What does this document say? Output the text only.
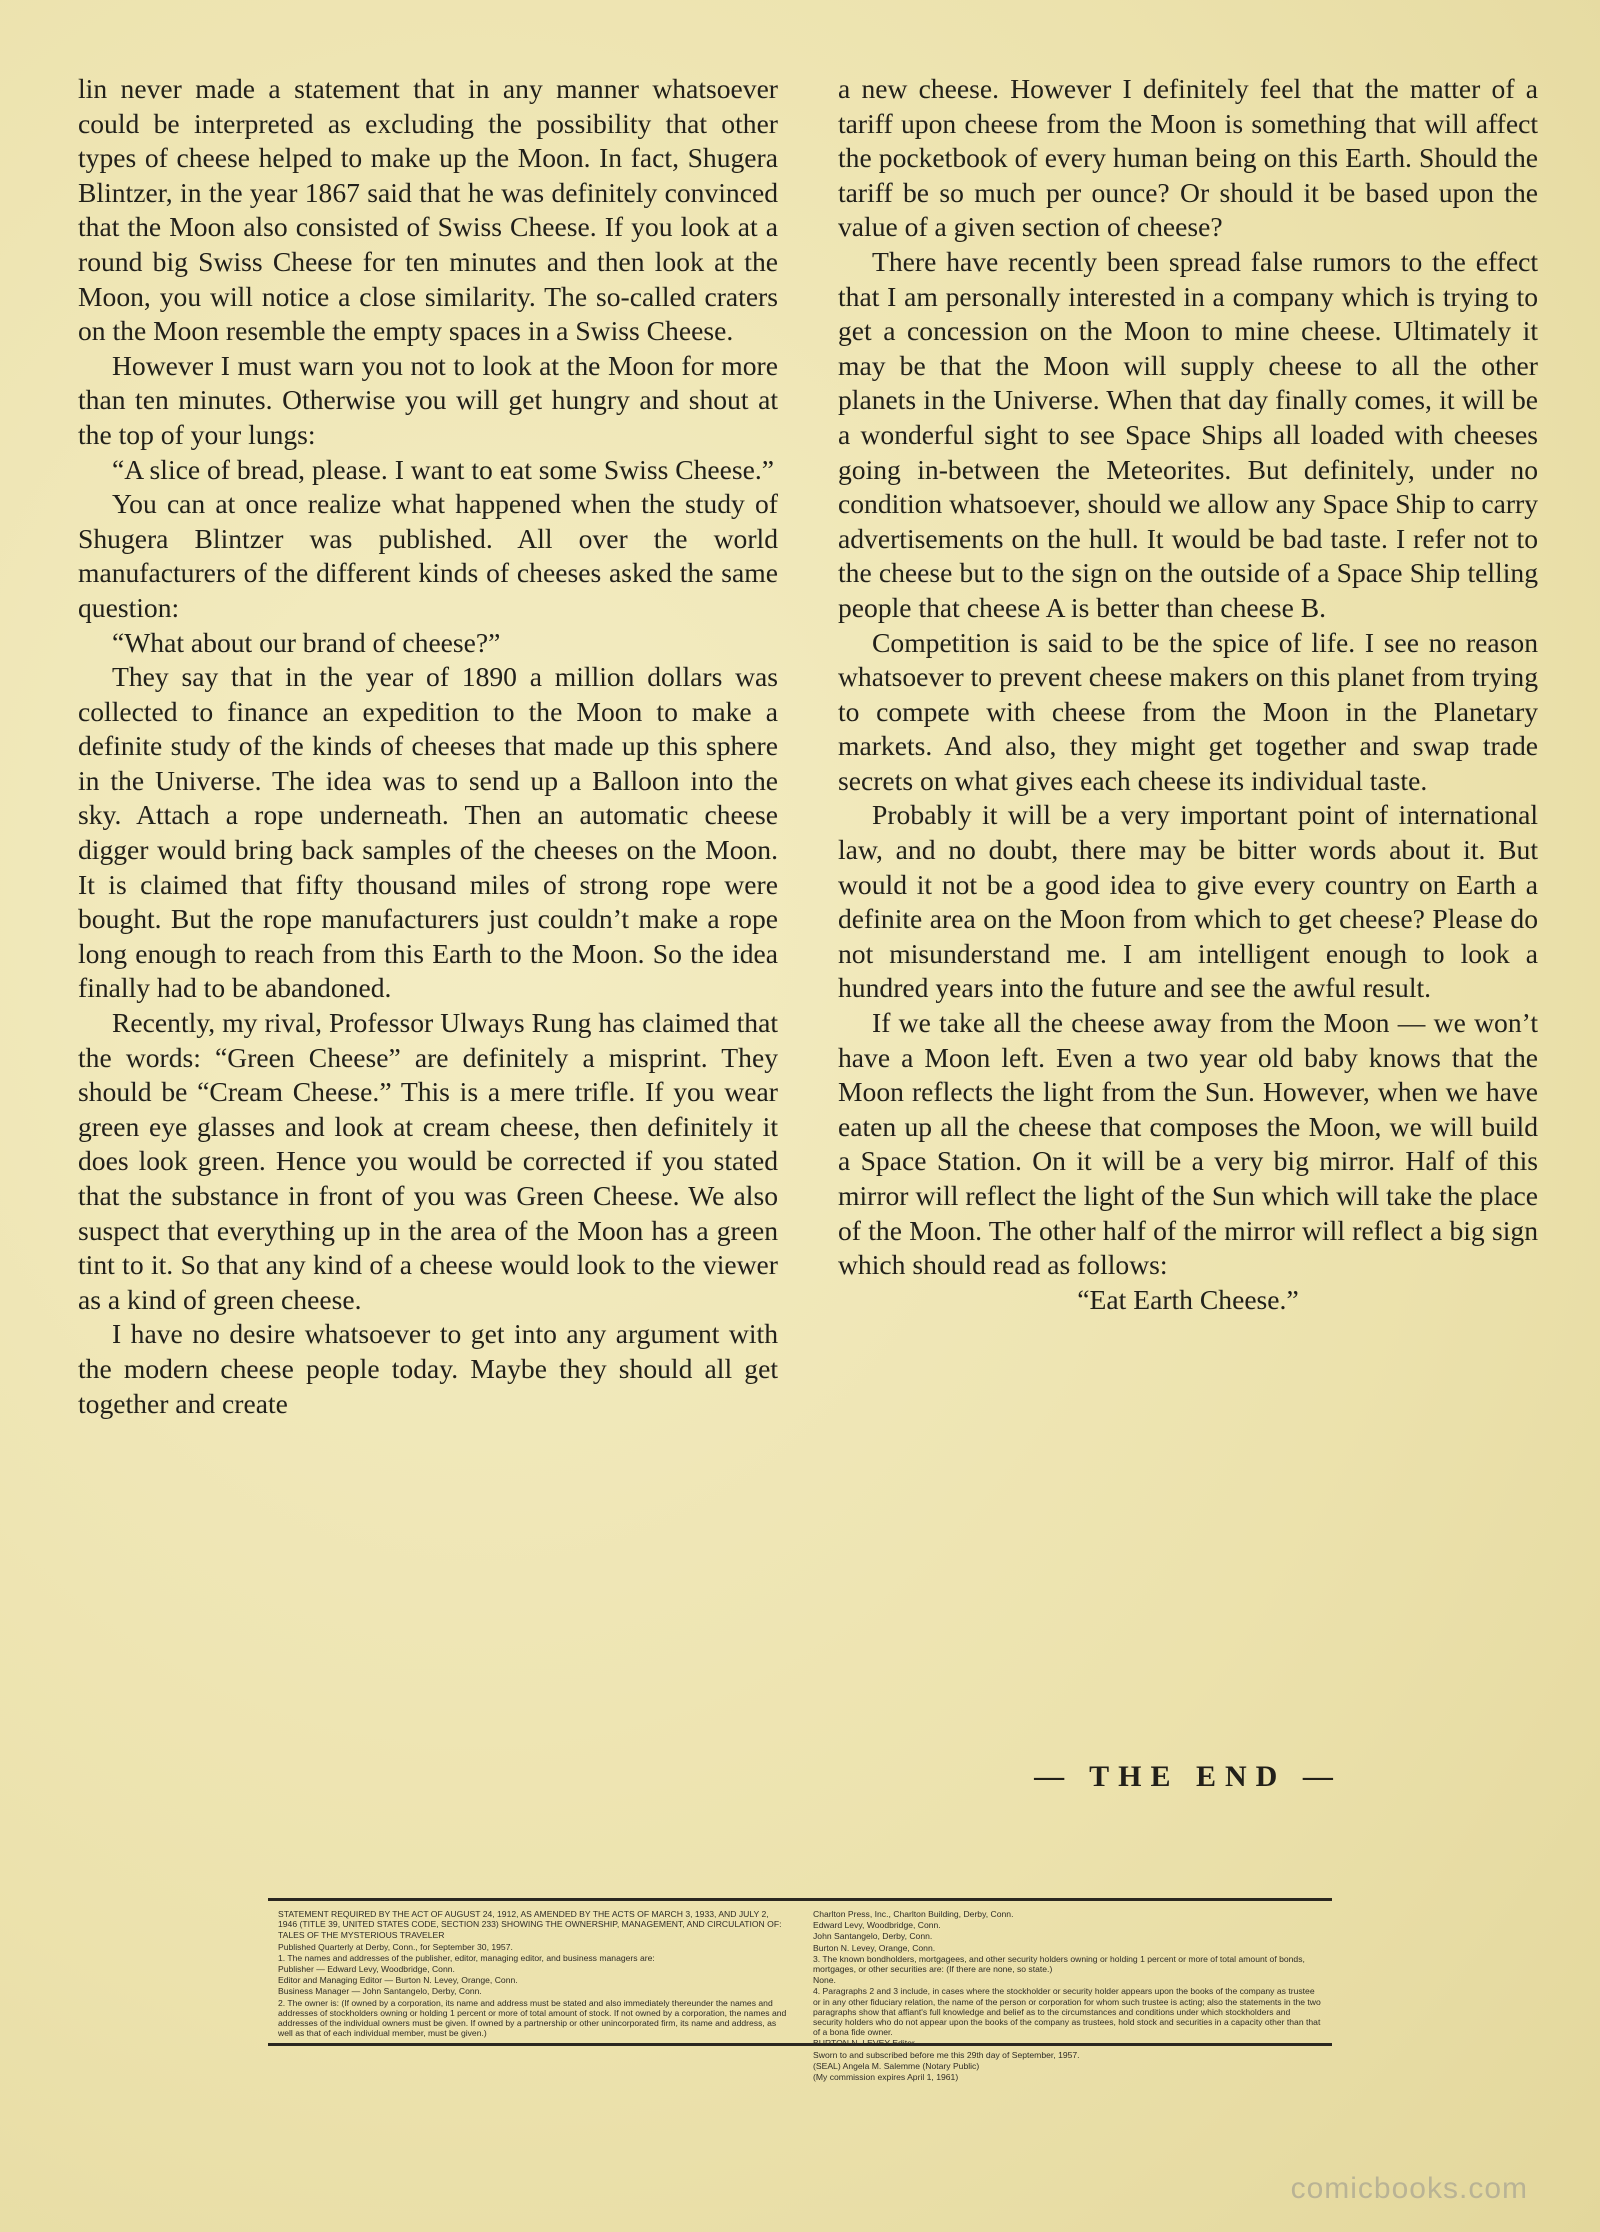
lin never made a statement that in any manner whatsoever could be interpreted as excluding the possibility that other types of cheese helped to make up the Moon. In fact, Shugera Blintzer, in the year 1867 said that he was definitely convinced that the Moon also consisted of Swiss Cheese. If you look at a round big Swiss Cheese for ten minutes and then look at the Moon, you will notice a close similarity. The so-called craters on the Moon resemble the empty spaces in a Swiss Cheese.

However I must warn you not to look at the Moon for more than ten minutes. Otherwise you will get hungry and shout at the top of your lungs:

“A slice of bread, please. I want to eat some Swiss Cheese.”

You can at once realize what happened when the study of Shugera Blintzer was published. All over the world manufacturers of the different kinds of cheeses asked the same question:

“What about our brand of cheese?”

They say that in the year of 1890 a million dollars was collected to finance an expedition to the Moon to make a definite study of the kinds of cheeses that made up this sphere in the Universe. The idea was to send up a Balloon into the sky. Attach a rope underneath. Then an automatic cheese digger would bring back samples of the cheeses on the Moon. It is claimed that fifty thousand miles of strong rope were bought. But the rope manufacturers just couldn’t make a rope long enough to reach from this Earth to the Moon. So the idea finally had to be abandoned.

Recently, my rival, Professor Ulways Rung has claimed that the words: “Green Cheese” are definitely a misprint. They should be “Cream Cheese.” This is a mere trifle. If you wear green eye glasses and look at cream cheese, then definitely it does look green. Hence you would be corrected if you stated that the substance in front of you was Green Cheese. We also suspect that everything up in the area of the Moon has a green tint to it. So that any kind of a cheese would look to the viewer as a kind of green cheese.

I have no desire whatsoever to get into any argument with the modern cheese people today. Maybe they should all get together and create

a new cheese. However I definitely feel that the matter of a tariff upon cheese from the Moon is something that will affect the pocketbook of every human being on this Earth. Should the tariff be so much per ounce? Or should it be based upon the value of a given section of cheese?

There have recently been spread false rumors to the effect that I am personally interested in a company which is trying to get a concession on the Moon to mine cheese. Ultimately it may be that the Moon will supply cheese to all the other planets in the Universe. When that day finally comes, it will be a wonderful sight to see Space Ships all loaded with cheeses going in-between the Meteorites. But definitely, under no condition whatsoever, should we allow any Space Ship to carry advertisements on the hull. It would be bad taste. I refer not to the cheese but to the sign on the outside of a Space Ship telling people that cheese A is better than cheese B.

Competition is said to be the spice of life. I see no reason whatsoever to prevent cheese makers on this planet from trying to compete with cheese from the Moon in the Planetary markets. And also, they might get together and swap trade secrets on what gives each cheese its individual taste.

Probably it will be a very important point of international law, and no doubt, there may be bitter words about it. But would it not be a good idea to give every country on Earth a definite area on the Moon from which to get cheese? Please do not misunderstand me. I am intelligent enough to look a hundred years into the future and see the awful result.

If we take all the cheese away from the Moon — we won’t have a Moon left. Even a two year old baby knows that the Moon reflects the light from the Sun. However, when we have eaten up all the cheese that composes the Moon, we will build a Space Station. On it will be a very big mirror. Half of this mirror will reflect the light of the Sun which will take the place of the Moon. The other half of the mirror will reflect a big sign which should read as follows:

“Eat Earth Cheese.”

— THE END —

STATEMENT REQUIRED BY THE ACT OF AUGUST 24, 1912, AS AMENDED BY THE ACTS OF MARCH 3, 1933, AND JULY 2, 1946 (TITLE 39, UNITED STATES CODE, SECTION 233) SHOWING THE OWNERSHIP, MANAGEMENT, AND CIRCULATION OF:

TALES OF THE MYSTERIOUS TRAVELER

Published Quarterly at Derby, Conn., for September 30, 1957.

1. The names and addresses of the publisher, editor, managing editor, and business managers are:

Publisher — Edward Levy, Woodbridge, Conn.

Editor and Managing Editor — Burton N. Levey, Orange, Conn.

Business Manager — John Santangelo, Derby, Conn.

2. The owner is: (If owned by a corporation, its name and address must be stated and also immediately thereunder the names and addresses of stockholders owning or holding 1 percent or more of total amount of stock. If not owned by a corporation, the names and addresses of the individual owners must be given. If owned by a partnership or other unincorporated firm, its name and address, as well as that of each individual member, must be given.)

Charlton Press, Inc., Charlton Building, Derby, Conn.

Edward Levy, Woodbridge, Conn.

John Santangelo, Derby, Conn.

Burton N. Levey, Orange, Conn.

3. The known bondholders, mortgagees, and other security holders owning or holding 1 percent or more of total amount of bonds, mortgages, or other securities are: (If there are none, so state.)

None.

4. Paragraphs 2 and 3 include, in cases where the stockholder or security holder appears upon the books of the company as trustee or in any other fiduciary relation, the name of the person or corporation for whom such trustee is acting; also the statements in the two paragraphs show that affiant's full knowledge and belief as to the circumstances and conditions under which stockholders and security holders who do not appear upon the books of the company as trustees, hold stock and securities in a capacity other than that of a bona fide owner.

BURTON N. LEVEY Editor

Sworn to and subscribed before me this 29th day of September, 1957.

(SEAL) Angela M. Salemme (Notary Public)

(My commission expires April 1, 1961)

comicbooks.com
